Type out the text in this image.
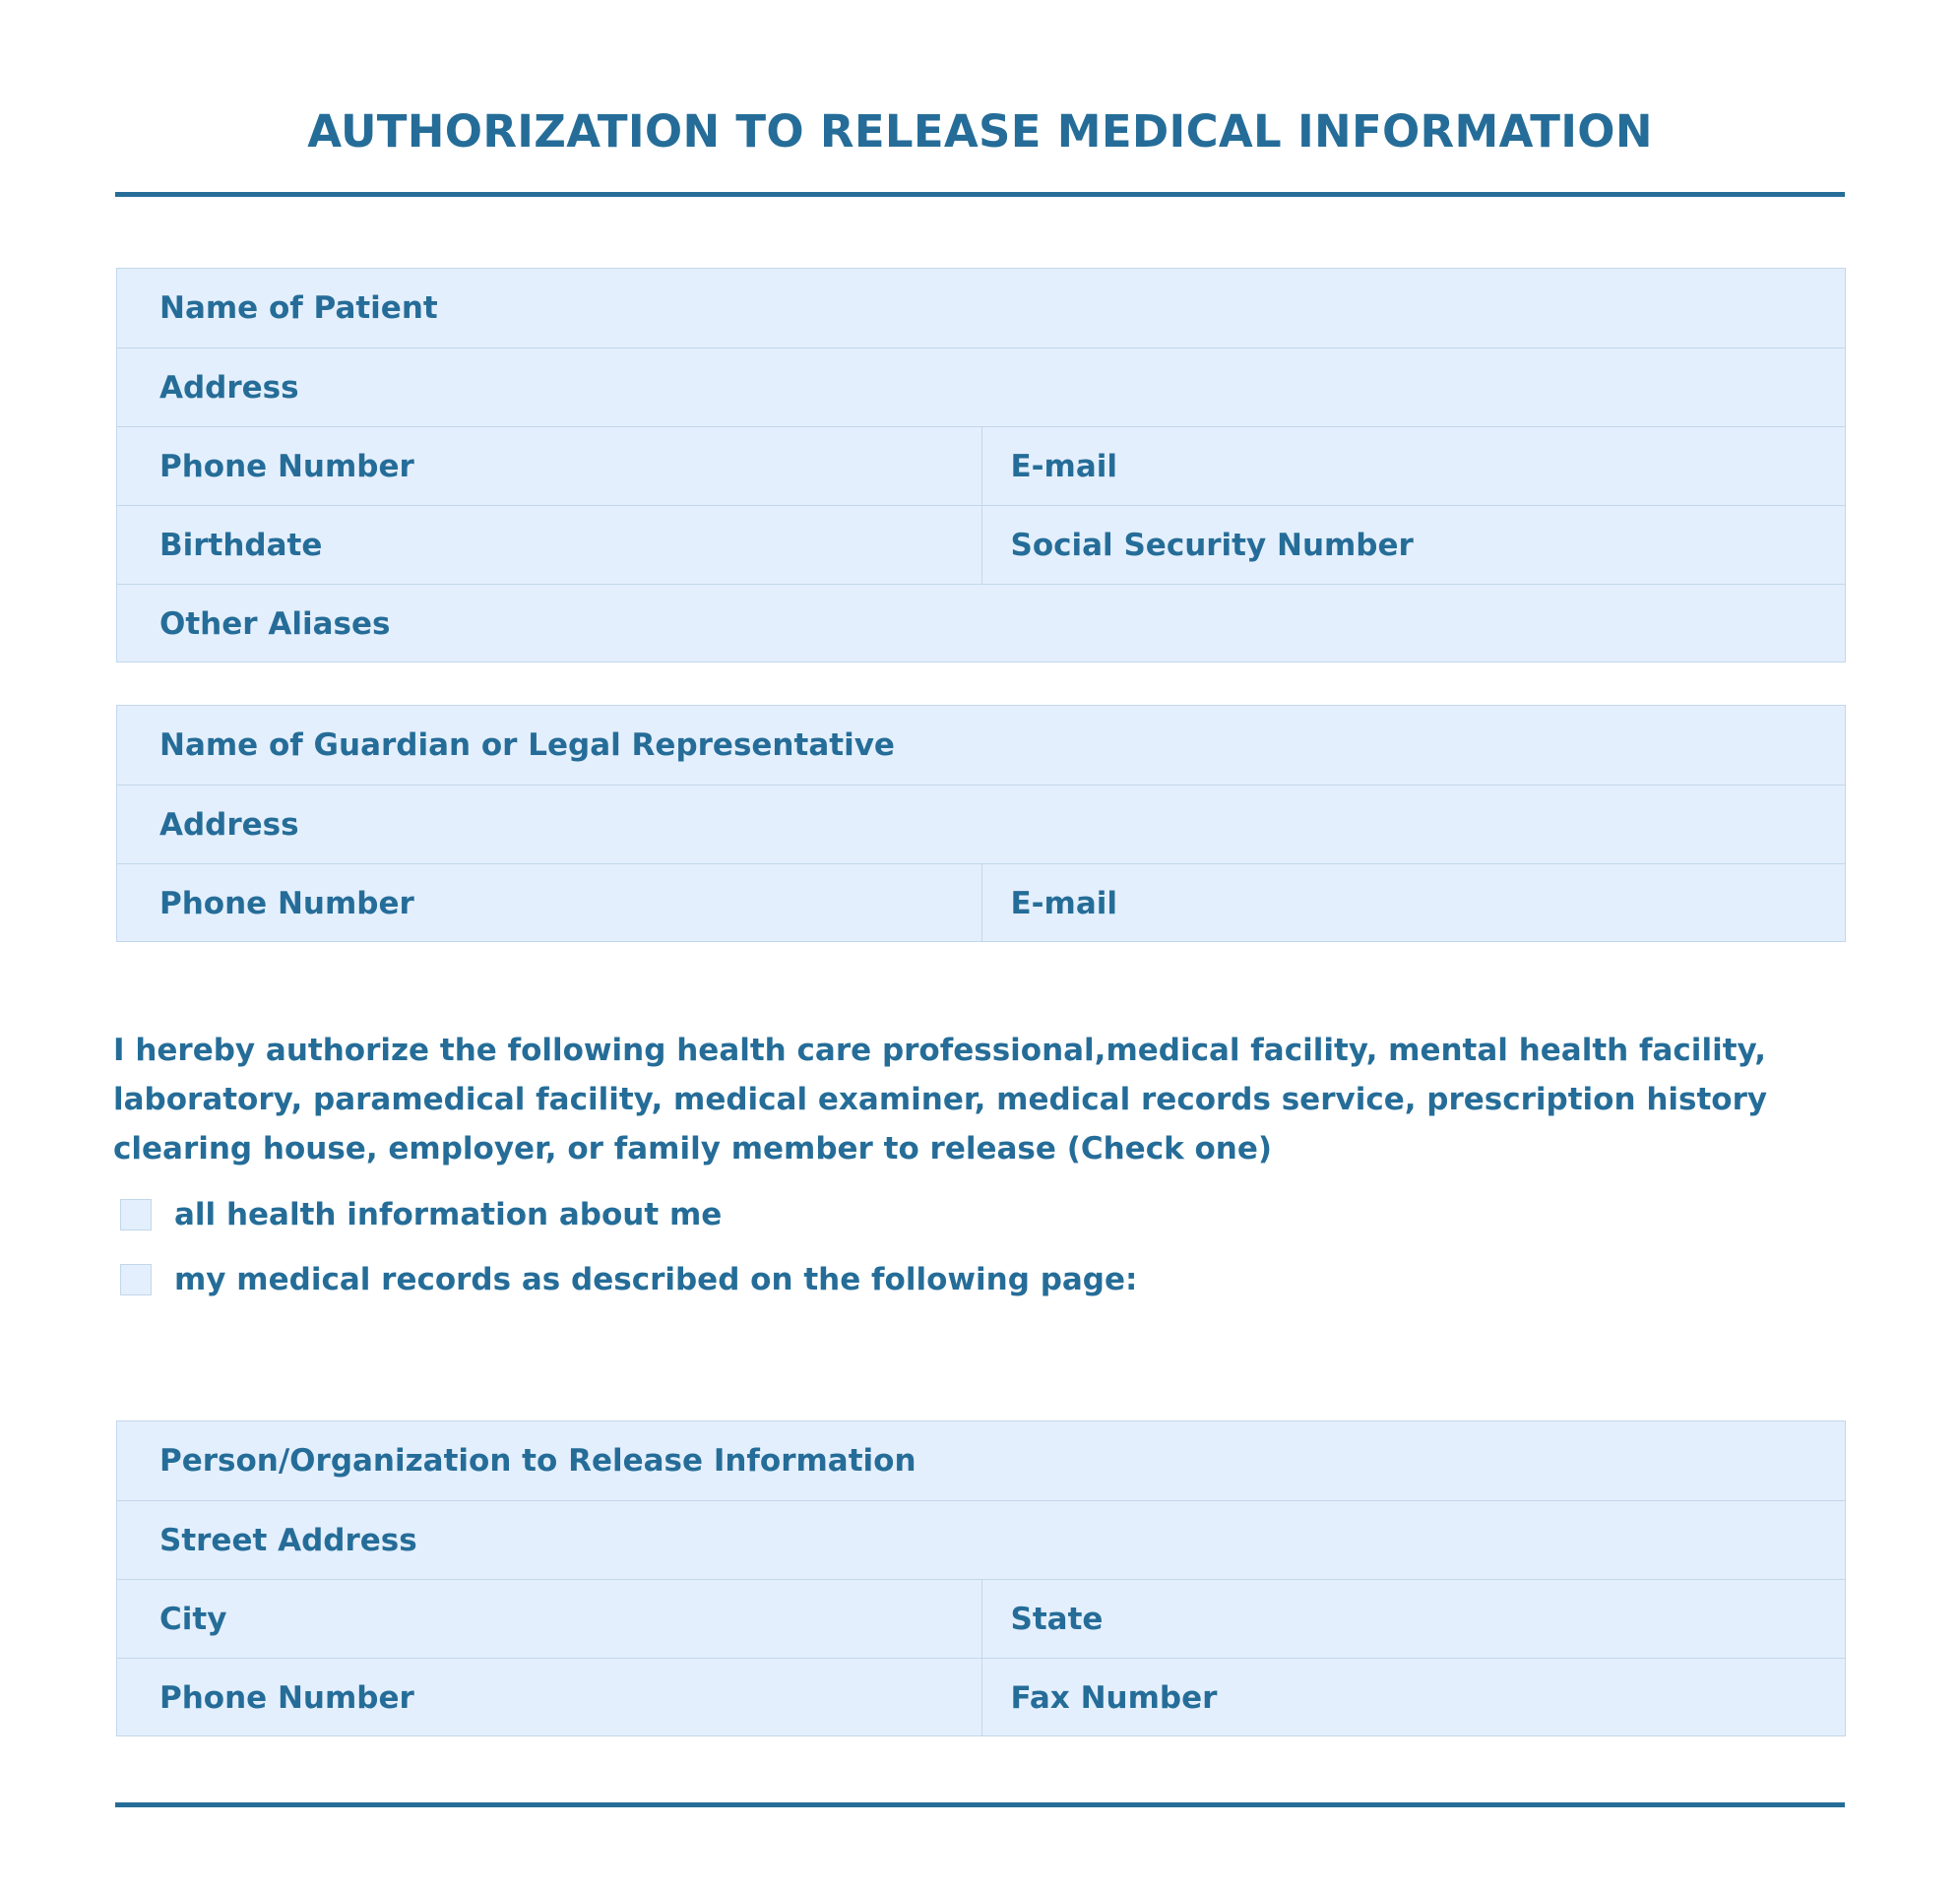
AUTHORIZATION TO RELEASE MEDICAL INFORMATION
Name of Patient
Address
Phone Number	E-mail
Birthdate	Social Security Number
Other Aliases
Name of Guardian or Legal Representative
Address
Phone Number	E-mail
I hereby authorize the following health care professional,medical facility, mental health facility, laboratory, paramedical facility, medical examiner, medical records service, prescription history clearing house, employer, or family member to release (Check one)
all health information about me
my medical records as described on the following page:
Person/Organization to Release Information
Street Address
City	State
Phone Number	Fax Number
